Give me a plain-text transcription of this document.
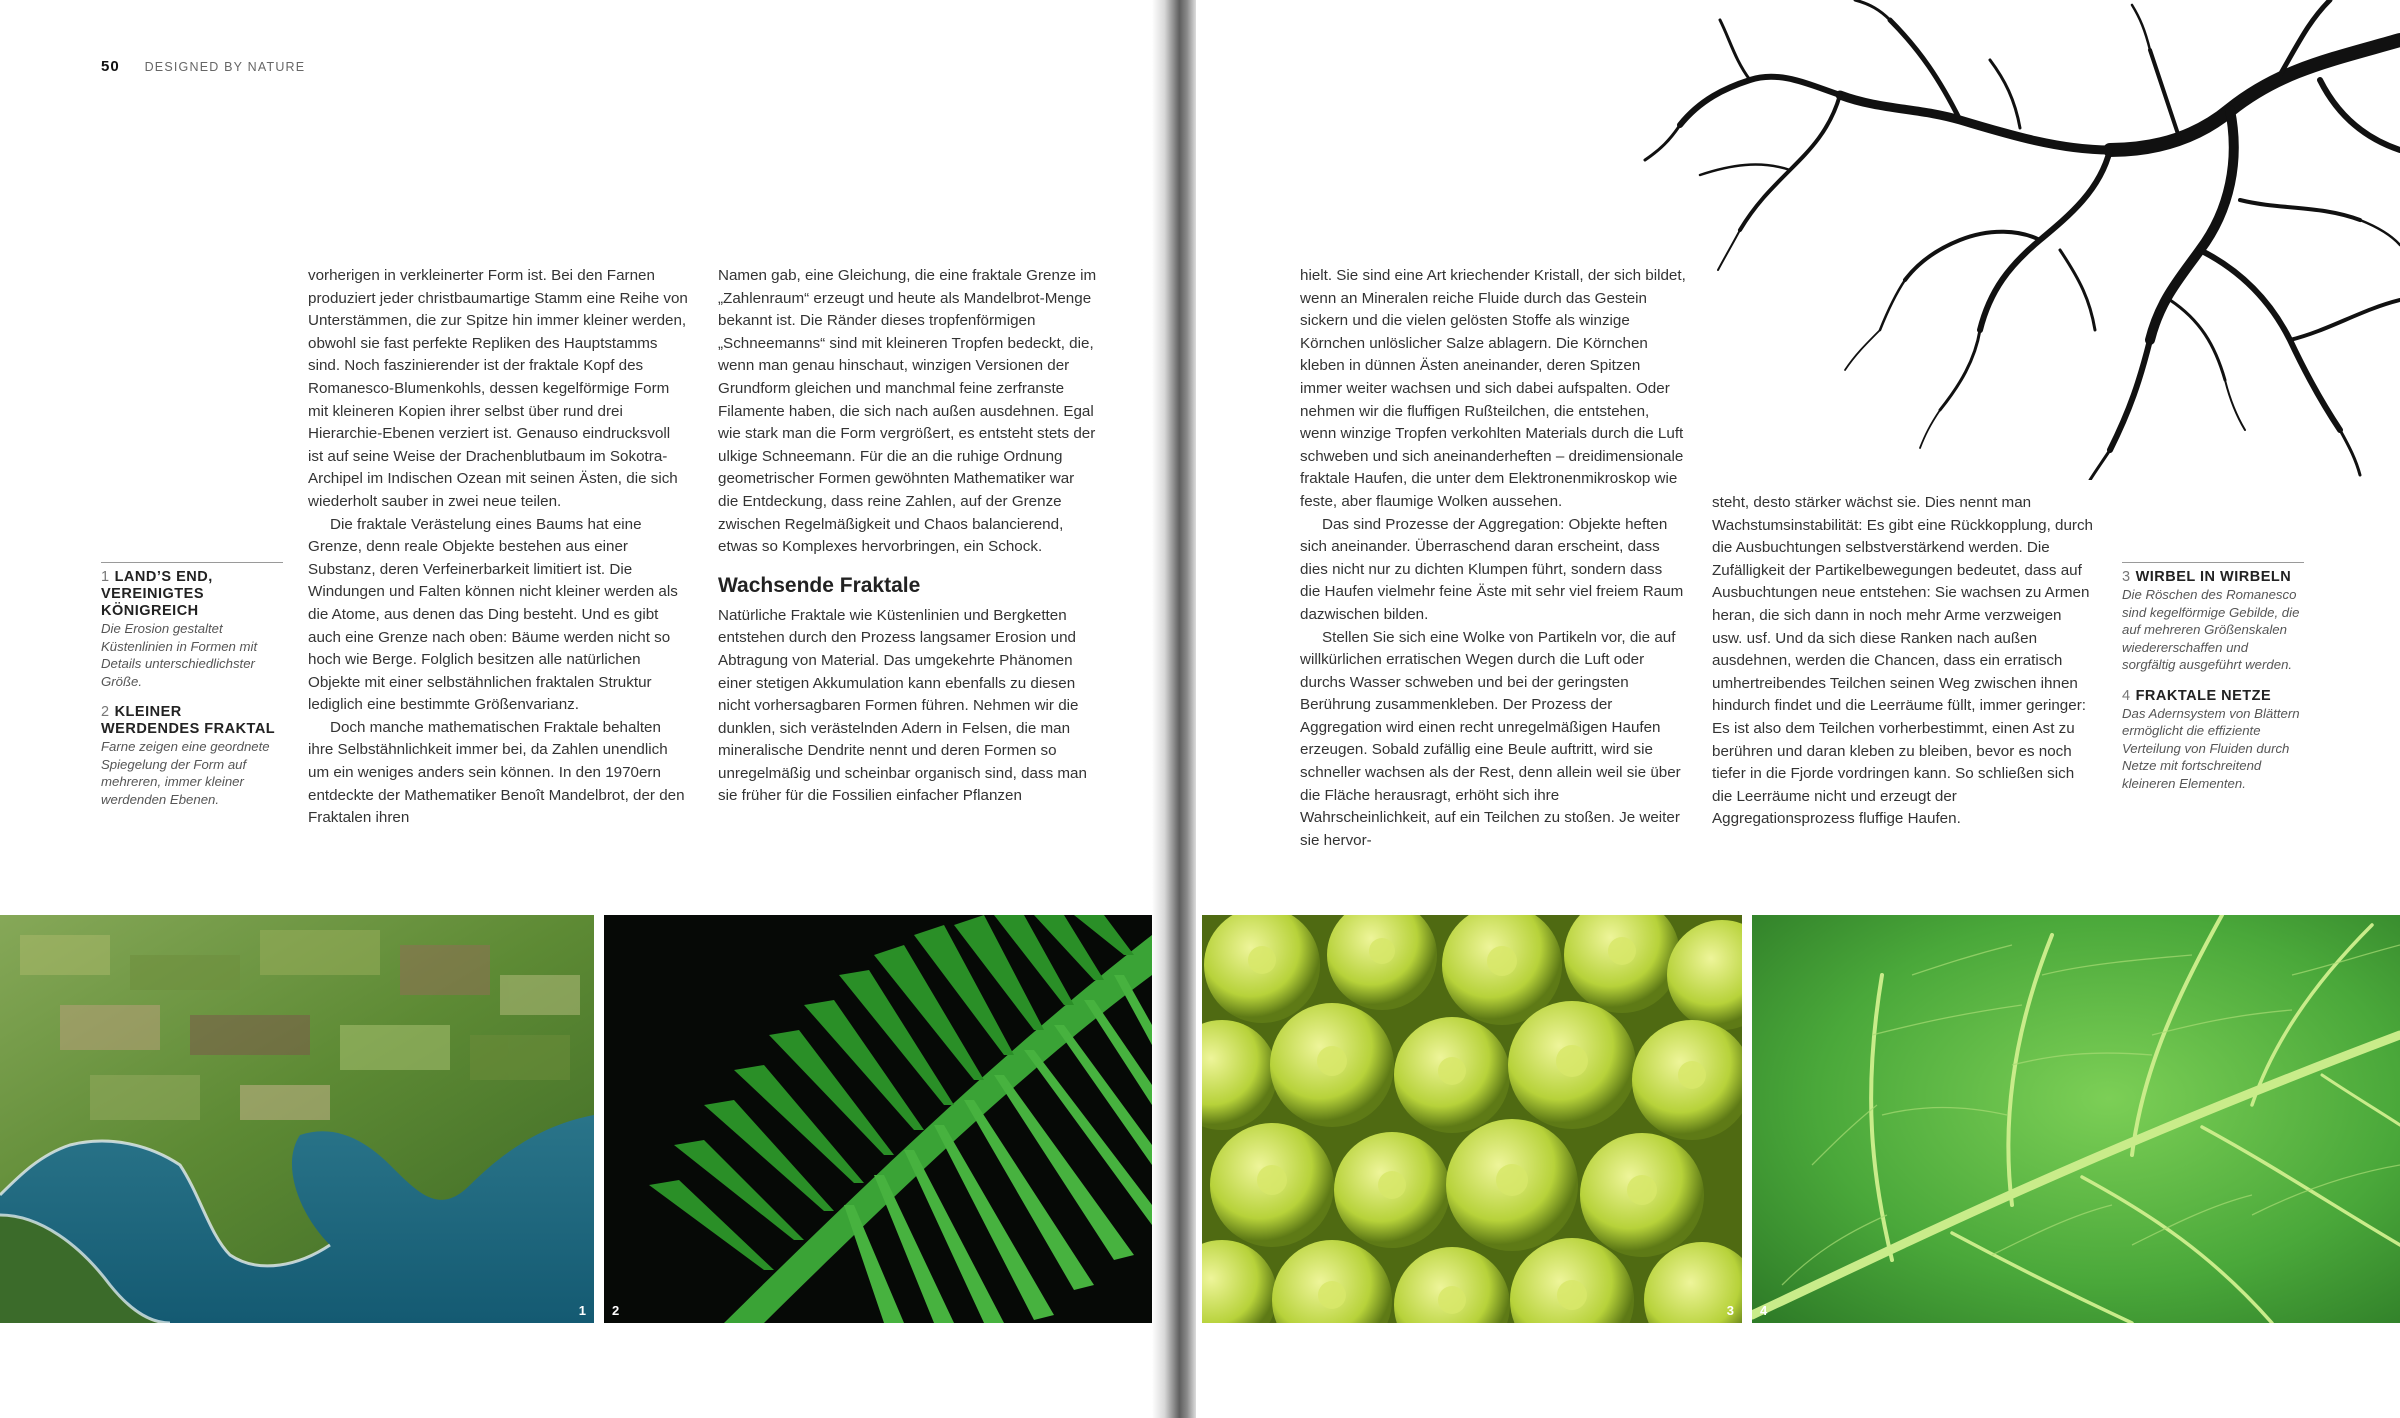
50 DESIGNED BY NATURE
1 LAND’S END, VEREINIGTES KÖNIGREICH
Die Erosion gestaltet Küstenlinien in Formen mit Details unterschiedlichster Größe.
2 KLEINER WERDENDES FRAKTAL
Farne zeigen eine geordnete Spiegelung der Form auf mehreren, immer kleiner werdenden Ebenen.

vorherigen in verkleinerter Form ist. Bei den Farnen produziert jeder christbaumartige Stamm eine Reihe von Unterstämmen, die zur Spitze hin immer kleiner werden, obwohl sie fast perfekte Repliken des Hauptstamms sind. Noch faszinierender ist der fraktale Kopf des Romanesco-Blumenkohls, dessen kegelförmige Form mit kleineren Kopien ihrer selbst über rund drei Hierarchie-Ebenen verziert ist. Genauso eindrucksvoll ist auf seine Weise der Drachenblutbaum im Sokotra-Archipel im Indischen Ozean mit seinen Ästen, die sich wiederholt sauber in zwei neue teilen.

Die fraktale Verästelung eines Baums hat eine Grenze, denn reale Objekte bestehen aus einer Substanz, deren Verfeinerbarkeit limitiert ist. Die Windungen und Falten können nicht kleiner werden als die Atome, aus denen das Ding besteht. Und es gibt auch eine Grenze nach oben: Bäume werden nicht so hoch wie Berge. Folglich besitzen alle natürlichen Objekte mit einer selbstähnlichen fraktalen Struktur lediglich eine bestimmte Größenvarianz.

Doch manche mathematischen Fraktale behalten ihre Selbstähnlichkeit immer bei, da Zahlen unendlich um ein weniges anders sein können. In den 1970ern entdeckte der Mathematiker Benoît Mandelbrot, der den Fraktalen ihren

Namen gab, eine Gleichung, die eine fraktale Grenze im „Zahlenraum“ erzeugt und heute als Mandelbrot-Menge bekannt ist. Die Ränder dieses tropfenförmigen „Schneemanns“ sind mit kleineren Tropfen bedeckt, die, wenn man genau hinschaut, winzigen Versionen der Grundform gleichen und manchmal feine zerfranste Filamente haben, die sich nach außen ausdehnen. Egal wie stark man die Form vergrößert, es entsteht stets der ulkige Schneemann. Für die an die ruhige Ordnung geometrischer Formen gewöhnten Mathematiker war die Entdeckung, dass reine Zahlen, auf der Grenze zwischen Regelmäßigkeit und Chaos balancierend, etwas so Komplexes hervorbringen, ein Schock.

Wachsende Fraktale

Natürliche Fraktale wie Küstenlinien und Bergketten entstehen durch den Prozess langsamer Erosion und Abtragung von Material. Das umgekehrte Phänomen einer stetigen Akkumulation kann ebenfalls zu diesen nicht vorhersagbaren Formen führen. Nehmen wir die dunklen, sich verästelnden Adern in Felsen, die man mineralische Dendrite nennt und deren Formen so unregelmäßig und scheinbar organisch sind, dass man sie früher für die Fossilien einfacher Pflanzen

hielt. Sie sind eine Art kriechender Kristall, der sich bildet, wenn an Mineralen reiche Fluide durch das Gestein sickern und die vielen gelösten Stoffe als winzige Körnchen unlöslicher Salze ablagern. Die Körnchen kleben in dünnen Ästen aneinander, deren Spitzen immer weiter wachsen und sich dabei aufspalten. Oder nehmen wir die fluffigen Rußteilchen, die entstehen, wenn winzige Tropfen verkohlten Materials durch die Luft schweben und sich aneinanderheften – dreidimensionale fraktale Haufen, die unter dem Elektronenmikroskop wie feste, aber flaumige Wolken aussehen.

Das sind Prozesse der Aggregation: Objekte heften sich aneinander. Überraschend daran erscheint, dass dies nicht nur zu dichten Klumpen führt, sondern dass die Haufen vielmehr feine Äste mit sehr viel freiem Raum dazwischen bilden.

Stellen Sie sich eine Wolke von Partikeln vor, die auf willkürlichen erratischen Wegen durch die Luft oder durchs Wasser schweben und bei der geringsten Berührung zusammenkleben. Der Prozess der Aggregation wird einen recht unregelmäßigen Haufen erzeugen. Sobald zufällig eine Beule auftritt, wird sie schneller wachsen als der Rest, denn allein weil sie über die Fläche herausragt, erhöht sich ihre Wahrscheinlichkeit, auf ein Teilchen zu stoßen. Je weiter sie hervor-

steht, desto stärker wächst sie. Dies nennt man Wachstumsinstabilität: Es gibt eine Rückkopplung, durch die Ausbuchtungen selbstverstärkend werden. Die Zufälligkeit der Partikelbewegungen bedeutet, dass auf Ausbuchtungen neue entstehen: Sie wachsen zu Armen heran, die sich dann in noch mehr Arme verzweigen usw. usf. Und da sich diese Ranken nach außen ausdehnen, werden die Chancen, dass ein erratisch umhertreibendes Teilchen seinen Weg zwischen ihnen hindurch findet und die Leerräume füllt, immer geringer: Es ist also dem Teilchen vorherbestimmt, einen Ast zu berühren und daran kleben zu bleiben, bevor es noch tiefer in die Fjorde vordringen kann. So schließen sich die Leerräume nicht und erzeugt der Aggregationsprozess fluffige Haufen.

3 WIRBEL IN WIRBELN
Die Röschen des Romanesco sind kegelförmige Gebilde, die auf mehreren Größenskalen wiedererschaffen und sorgfältig ausgeführt werden.
4 FRAKTALE NETZE
Das Adernsystem von Blättern ermöglicht die effiziente Verteilung von Fluiden durch Netze mit fortschreitend kleineren Elementen.
1 2	3 4
